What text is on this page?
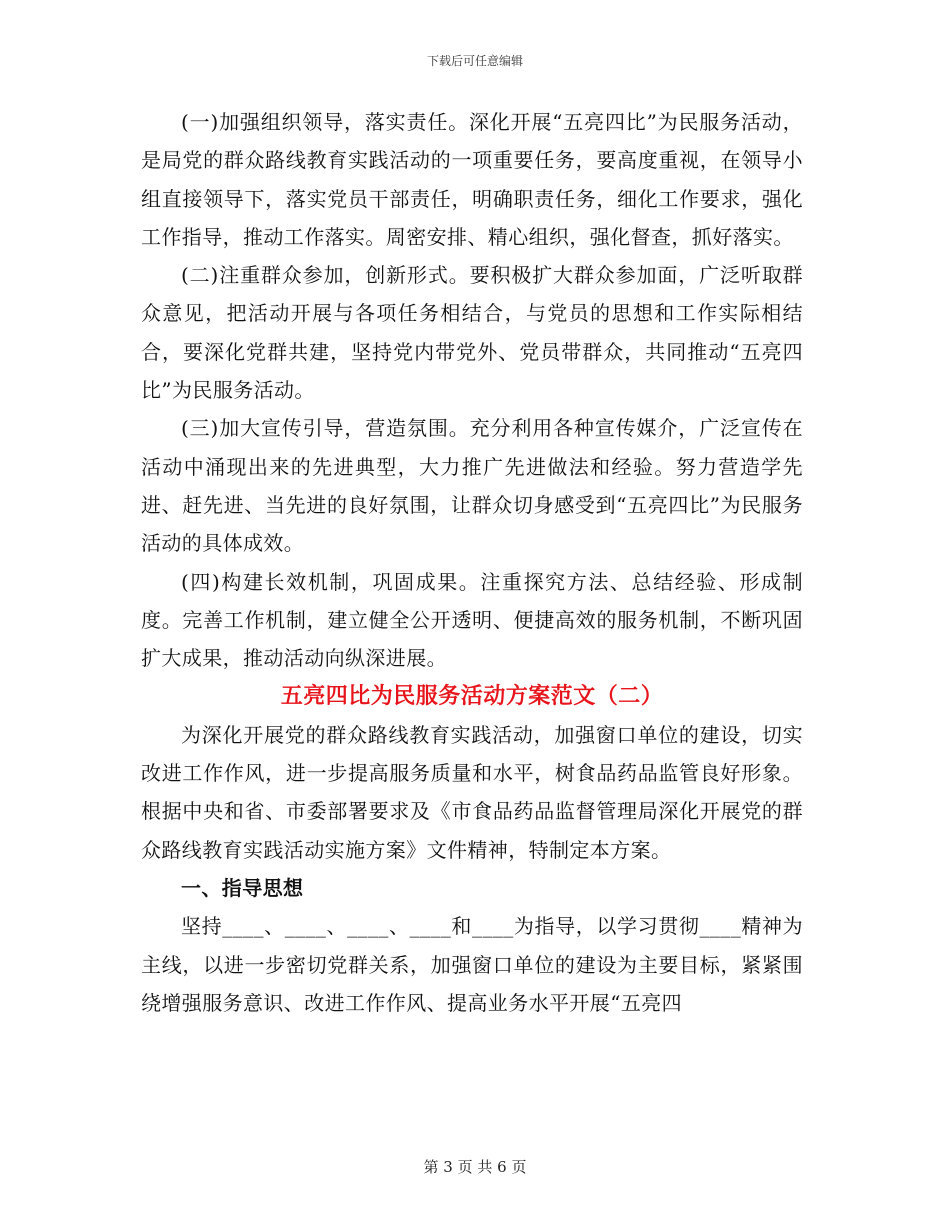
下载后可任意编辑

(一)加强组织领导，落实责任。深化开展“五亮四比”为民服务活动，是局党的群众路线教育实践活动的一项重要任务，要高度重视，在领导小组直接领导下，落实党员干部责任，明确职责任务，细化工作要求，强化工作指导，推动工作落实。周密安排、精心组织，强化督查，抓好落实。

(二)注重群众参加，创新形式。要积极扩大群众参加面，广泛听取群众意见，把活动开展与各项任务相结合，与党员的思想和工作实际相结合，要深化党群共建，坚持党内带党外、党员带群众，共同推动“五亮四比”为民服务活动。

(三)加大宣传引导，营造氛围。充分利用各种宣传媒介，广泛宣传在活动中涌现出来的先进典型，大力推广先进做法和经验。努力营造学先进、赶先进、当先进的良好氛围，让群众切身感受到“五亮四比”为民服务活动的具体成效。

(四)构建长效机制，巩固成果。注重探究方法、总结经验、形成制度。完善工作机制，建立健全公开透明、便捷高效的服务机制，不断巩固扩大成果，推动活动向纵深进展。

五亮四比为民服务活动方案范文（二）

为深化开展党的群众路线教育实践活动，加强窗口单位的建设，切实改进工作作风，进一步提高服务质量和水平，树食品药品监管良好形象。根据中央和省、市委部署要求及《市食品药品监督管理局深化开展党的群众路线教育实践活动实施方案》文件精神，特制定本方案。

一、指导思想

坚持____、____、____、____和____为指导，以学习贯彻____精神为主线，以进一步密切党群关系，加强窗口单位的建设为主要目标，紧紧围绕增强服务意识、改进工作作风、提高业务水平开展“五亮四

第 3 页 共 6 页
